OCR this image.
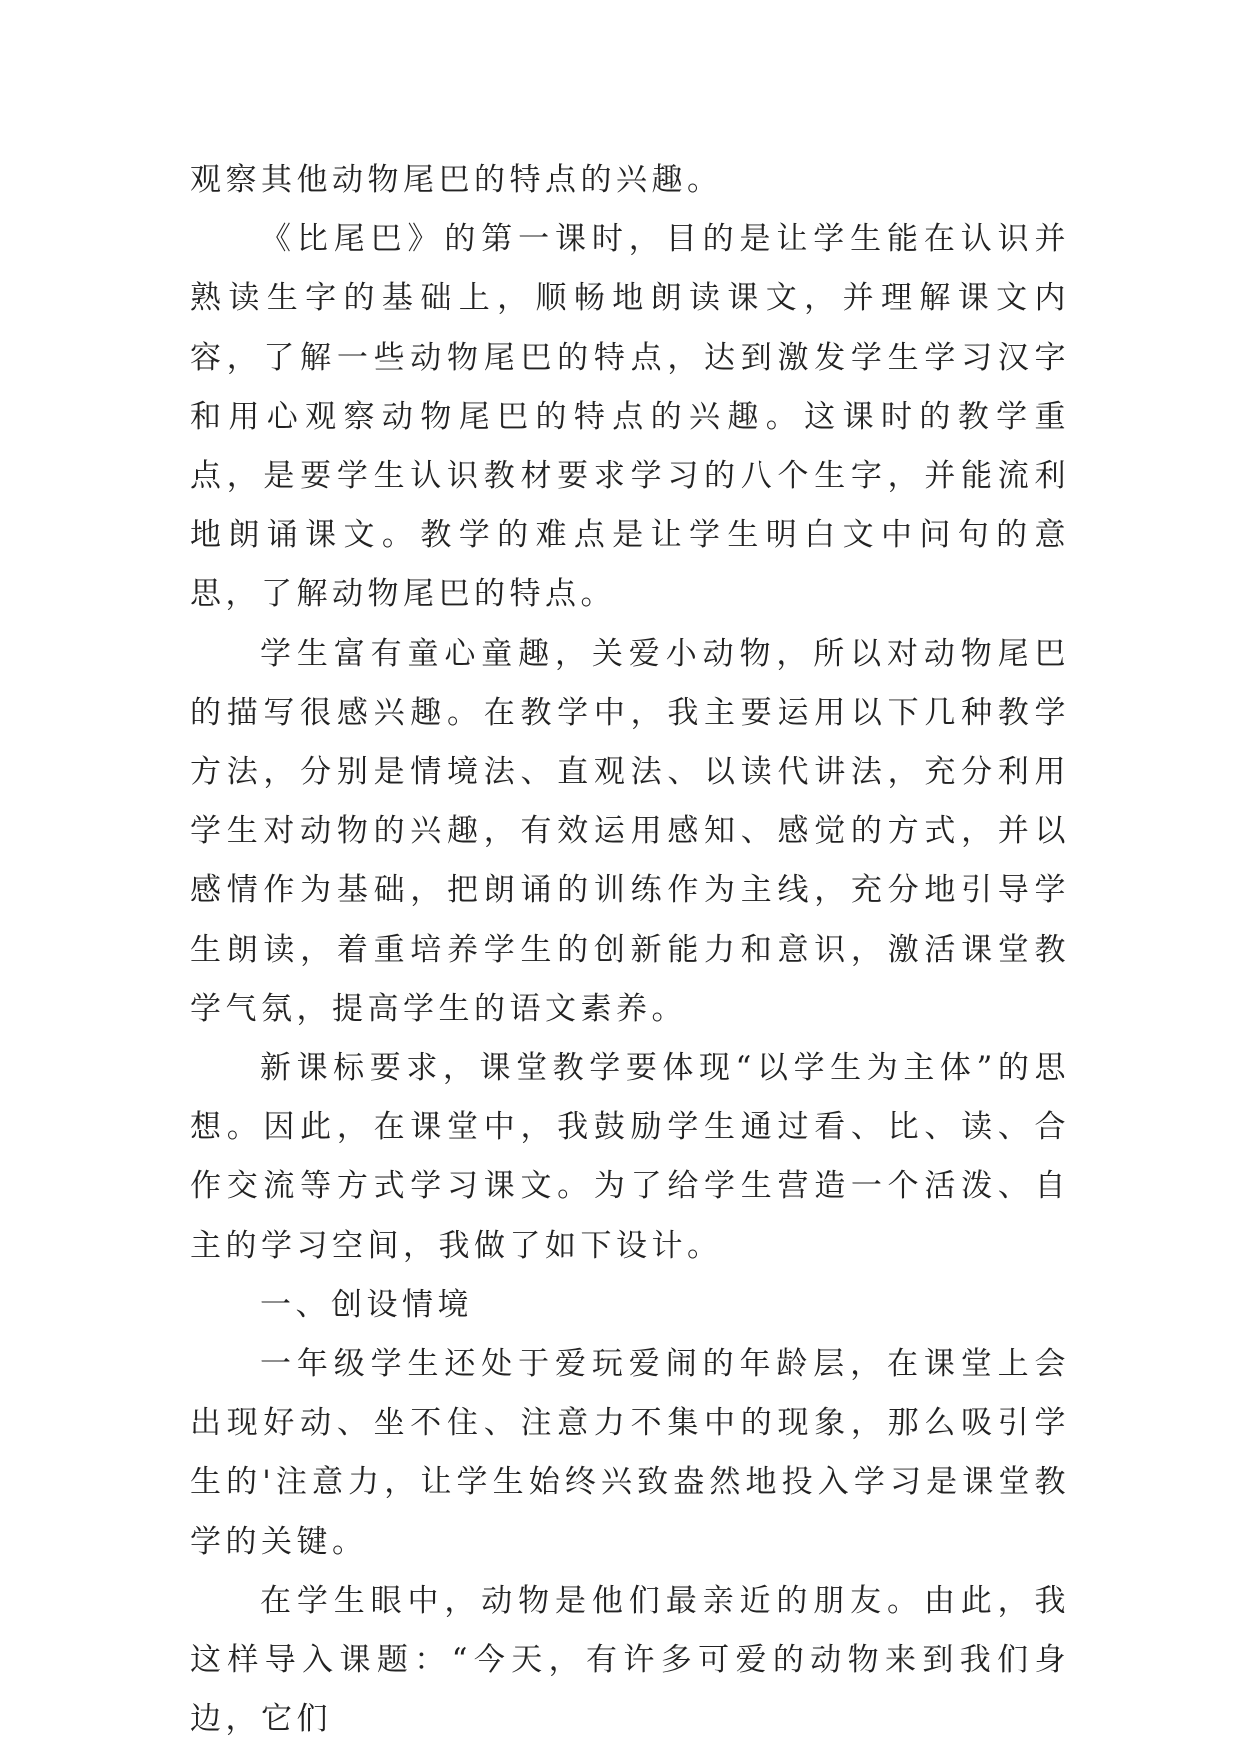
观察其他动物尾巴的特点的兴趣。

《比尾巴》的第一课时，目的是让学生能在认识并熟读生字的基础上，顺畅地朗读课文，并理解课文内容，了解一些动物尾巴的特点，达到激发学生学习汉字和用心观察动物尾巴的特点的兴趣。这课时的教学重点，是要学生认识教材要求学习的八个生字，并能流利地朗诵课文。教学的难点是让学生明白文中问句的意思，了解动物尾巴的特点。

学生富有童心童趣，关爱小动物，所以对动物尾巴的描写很感兴趣。在教学中，我主要运用以下几种教学方法，分别是情境法、直观法、以读代讲法，充分利用学生对动物的兴趣，有效运用感知、感觉的方式，并以感情作为基础，把朗诵的训练作为主线，充分地引导学生朗读，着重培养学生的创新能力和意识，激活课堂教学气氛，提高学生的语文素养。

新课标要求，课堂教学要体现“以学生为主体”的思想。因此，在课堂中，我鼓励学生通过看、比、读、合作交流等方式学习课文。为了给学生营造一个活泼、自主的学习空间，我做了如下设计。

一、创设情境

一年级学生还处于爱玩爱闹的年龄层，在课堂上会出现好动、坐不住、注意力不集中的现象，那么吸引学生的'注意力，让学生始终兴致盎然地投入学习是课堂教学的关键。

在学生眼中，动物是他们最亲近的朋友。由此，我这样导入课题：“今天，有许多可爱的动物来到我们身边，它们
